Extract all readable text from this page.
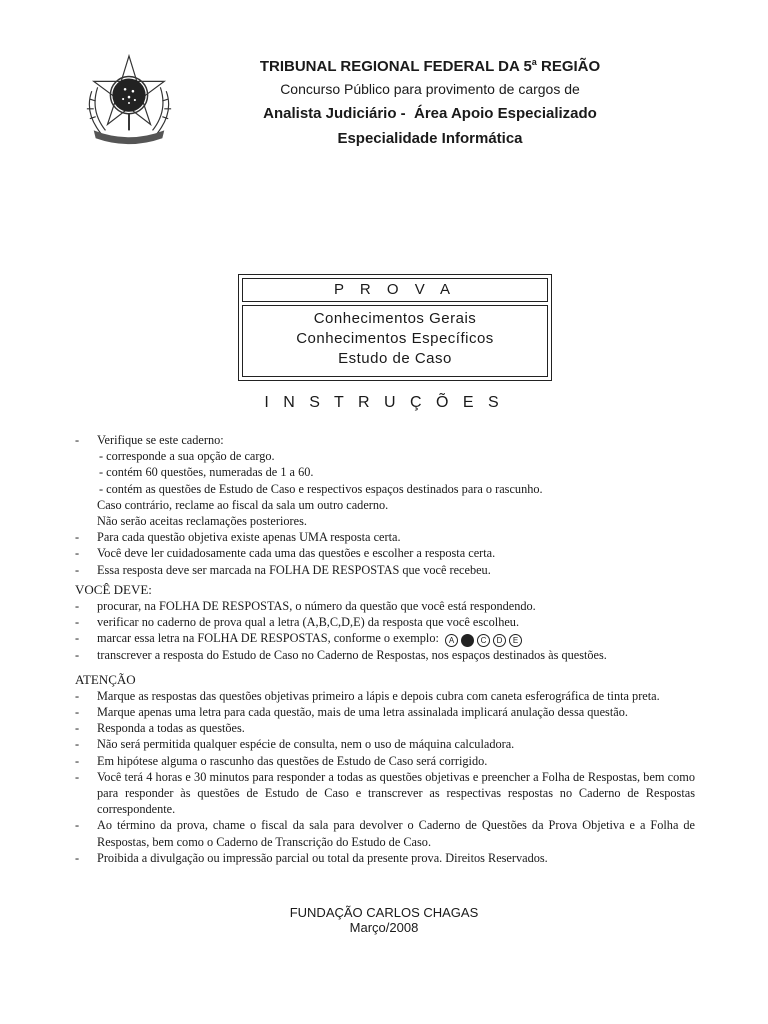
TRIBUNAL REGIONAL FEDERAL DA 5$^a$ REGIÃO
Concurso Público para provimento de cargos de
Analista Judiciário -  Área Apoio Especializado
Especialidade Informática
P R O V A
Conhecimentos Gerais
Conhecimentos Específicos
Estudo de Caso
I N S T R U Ç Õ E S
- Verifique se este caderno:
- corresponde a sua opção de cargo.
- contém 60 questões, numeradas de 1 a 60.
- contém as questões de Estudo de Caso e respectivos espaços destinados para o rascunho.
Caso contrário, reclame ao fiscal da sala um outro caderno.
Não serão aceitas reclamações posteriores.
- Para cada questão objetiva existe apenas UMA resposta certa.
- Você deve ler cuidadosamente cada uma das questões e escolher a resposta certa.
- Essa resposta deve ser marcada na FOLHA DE RESPOSTAS que você recebeu.
VOCÊ DEVE:
- procurar, na FOLHA DE RESPOSTAS, o número da questão que você está respondendo.
- verificar no caderno de prova qual a letra (A,B,C,D,E) da resposta que você escolheu.
- marcar essa letra na FOLHA DE RESPOSTAS, conforme o exemplo: A B C D E
- transcrever a resposta do Estudo de Caso no Caderno de Respostas, nos espaços destinados às questões.
ATENÇÃO
- Marque as respostas das questões objetivas primeiro a lápis e depois cubra com caneta esferográfica de tinta preta.
- Marque apenas uma letra para cada questão, mais de uma letra assinalada implicará anulação dessa questão.
- Responda a todas as questões.
- Não será permitida qualquer espécie de consulta, nem o uso de máquina calculadora.
- Em hipótese alguma o rascunho das questões de Estudo de Caso será corrigido.
- Você terá 4 horas e 30 minutos para responder a todas as questões objetivas e preencher a Folha de Respostas, bem como para responder às questões de Estudo de Caso e transcrever as respectivas respostas no Caderno de Respostas correspondente.
- Ao término da prova, chame o fiscal da sala para devolver o Caderno de Questões da Prova Objetiva e a Folha de Respostas, bem como o Caderno de Transcrição do Estudo de Caso.
- Proibida a divulgação ou impressão parcial ou total da presente prova. Direitos Reservados.
FUNDAÇÃO CARLOS CHAGAS
Março/2008
